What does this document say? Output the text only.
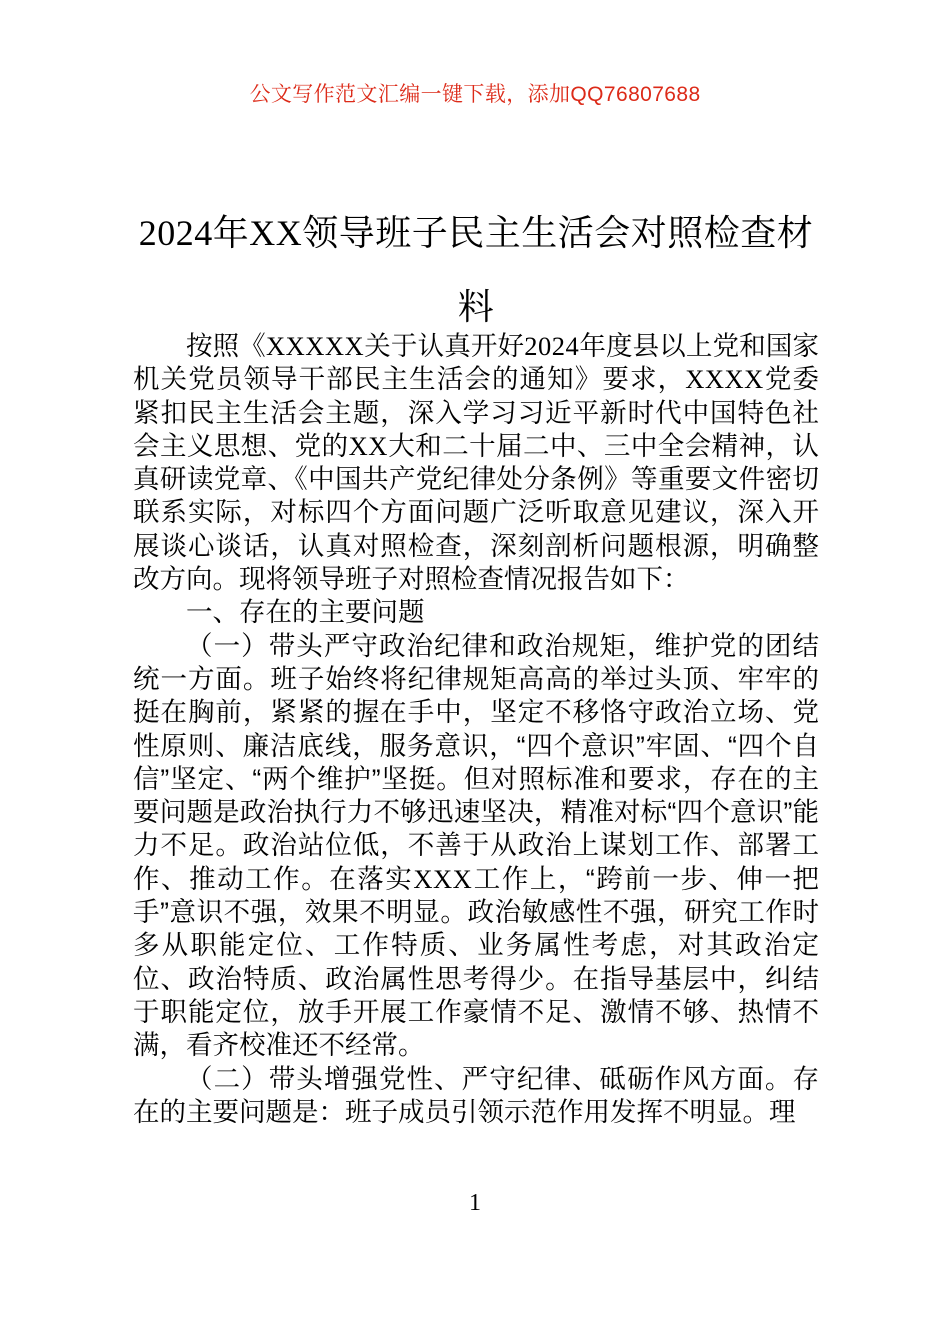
公文写作范文汇编一键下载，添加QQ76807688
2024年XX领导班子民主生活会对照检查材料

按照《XXXXX关于认真开好2024年度县以上党和国家机关党员领导干部民主生活会的通知》要求，XXXX党委紧扣民主生活会主题，深入学习习近平新时代中国特色社会主义思想、党的XX大和二十届二中、三中全会精神，认真研读党章、《中国共产党纪律处分条例》等重要文件密切联系实际，对标四个方面问题广泛听取意见建议，深入开展谈心谈话，认真对照检查，深刻剖析问题根源，明确整改方向。现将领导班子对照检查情况报告如下：

一、存在的主要问题

（一）带头严守政治纪律和政治规矩，维护党的团结统一方面。班子始终将纪律规矩高高的举过头顶、牢牢的挺在胸前，紧紧的握在手中，坚定不移恪守政治立场、党性原则、廉洁底线，服务意识，“四个意识”牢固、“四个自信”坚定、“两个维护”坚挺。但对照标准和要求，存在的主要问题是政治执行力不够迅速坚决，精准对标“四个意识”能力不足。政治站位低，不善于从政治上谋划工作、部署工作、推动工作。在落实XXX工作上，“跨前一步、伸一把手”意识不强，效果不明显。政治敏感性不强，研究工作时多从职能定位、工作特质、业务属性考虑，对其政治定位、政治特质、政治属性思考得少。在指导基层中，纠结于职能定位，放手开展工作豪情不足、激情不够、热情不满，看齐校准还不经常。

（二）带头增强党性、严守纪律、砥砺作风方面。存在的主要问题是：班子成员引领示范作用发挥不明显。理

1
